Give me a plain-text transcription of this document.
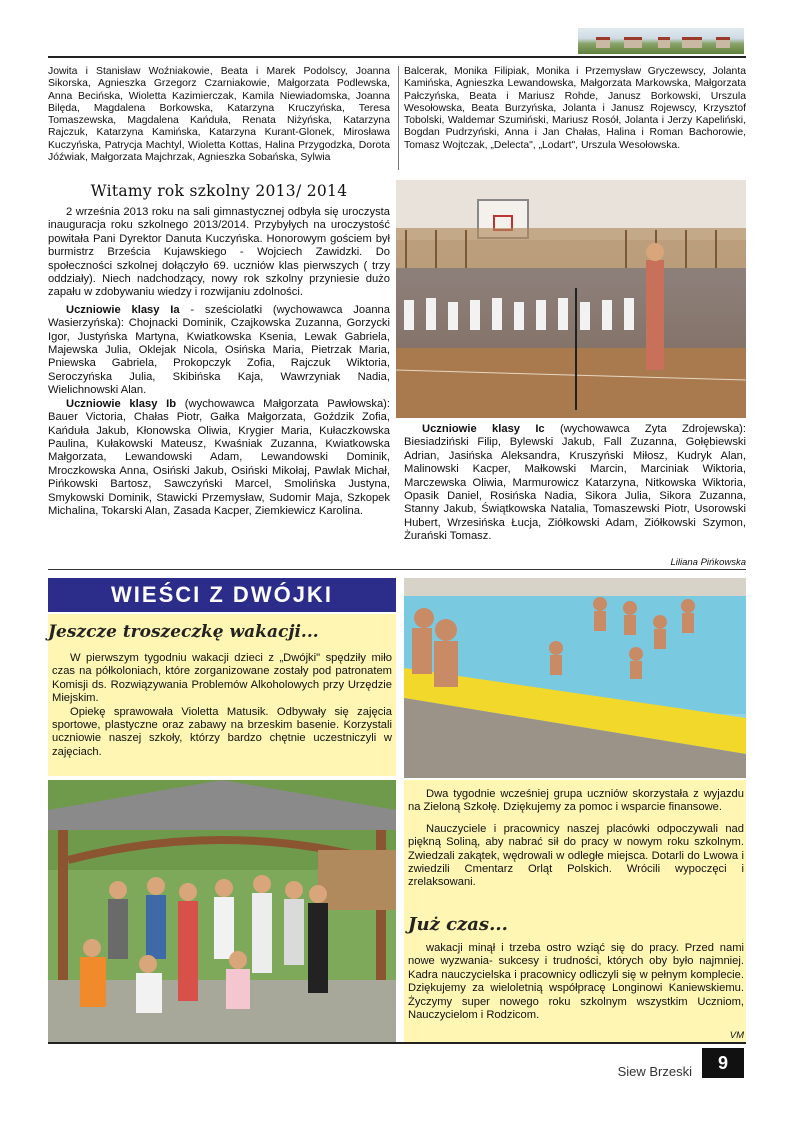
Jowita i Stanisław Woźniakowie, Beata i Marek Podolscy, Joanna Sikorska, Agnieszka Grzegorz Czarniakowie, Małgorzata Podlewska, Anna Becińska, Wioletta Kazimierczak, Kamila Niewiadomska, Joanna Bilęda, Magdalena Borkowska, Katarzyna Kruczyńska, Teresa Tomaszewska, Magdalena Kańduła, Renata Niżyńska, Katarzyna Rajczuk, Katarzyna Kamińska, Katarzyna Kurant-Glonek, Mirosława Kuczyńska, Patrycja Machtyl, Wioletta Kottas, Halina Przygodzka, Dorota Jóźwiak, Małgorzata Majchrzak, Agnieszka Sobańska, Sylwia

Balcerak, Monika Filipiak, Monika i Przemysław Gryczewscy, Jolanta Kamińska, Agnieszka Lewandowska, Małgorzata Markowska, Małgorzata Pałczyńska, Beata i Mariusz Rohde, Janusz Borkowski, Urszula Wesołowska, Beata Burzyńska, Jolanta i Janusz Rojewscy, Krzysztof Tobolski, Waldemar Szumiński, Mariusz Rosół, Jolanta i Jerzy Kapeliński, Bogdan Pudrzyński, Anna i Jan Chałas, Halina i Roman Bachorowie, Tomasz Wojtczak, „Delecta", „Lodart", Urszula Wesołowska.

Witamy rok szkolny 2013/ 2014

2 września 2013 roku na sali gimnastycznej odbyła się uroczysta inauguracja roku szkolnego 2013/2014. Przybyłych na uroczystość powitała Pani Dyrektor Danuta Kuczyńska. Honorowym gościem był burmistrz Brześcia Kujawskiego - Wojciech Zawidzki. Do społeczności szkolnej dołączyło 69. uczniów klas pierwszych ( trzy oddziały). Niech nadchodzący, nowy rok szkolny przyniesie dużo zapału w zdobywaniu wiedzy i rozwijaniu zdolności.

Uczniowie klasy Ia - sześciolatki (wychowawca Joanna Wasierzyńska): Chojnacki Dominik, Czajkowska Zuzanna, Gorzycki Igor, Justyńska Martyna, Kwiatkowska Ksenia, Lewak Gabriela, Majewska Julia, Oklejak Nicola, Osińska Maria, Pietrzak Maria, Pniewska Gabriela, Prokopczyk Zofia, Rajczuk Wiktoria, Seroczyńska Julia, Skibińska Kaja, Wawrzyniak Nadia, Wielichnowski Alan.

Uczniowie klasy Ib (wychowawca Małgorzata Pawłowska): Bauer Victoria, Chałas Piotr, Gałka Małgorzata, Goździk Zofia, Kańduła Jakub, Kłonowska Oliwia, Krygier Maria, Kułaczkowska Paulina, Kułakowski Mateusz, Kwaśniak Zuzanna, Kwiatkowska Małgorzata, Lewandowski Adam, Lewandowski Dominik, Mroczkowska Anna, Osiński Jakub, Osiński Mikołaj, Pawlak Michał, Pińkowski Bartosz, Sawczyński Marcel, Smolińska Justyna, Smykowski Dominik, Stawicki Przemysław, Sudomir Maja, Szkopek Michalina, Tokarski Alan, Zasada Kacper, Ziemkiewicz Karolina.

Uczniowie klasy Ic (wychowawca Zyta Zdrojewska): Biesiadziński Filip, Bylewski Jakub, Fall Zuzanna, Gołębiewski Adrian, Jasińska Aleksandra, Kruszyński Miłosz, Kudryk Alan, Malinowski Kacper, Małkowski Marcin, Marciniak Wiktoria, Marczewska Oliwia, Marmurowicz Katarzyna, Nitkowska Wiktoria, Opasik Daniel, Rosińska Nadia, Sikora Julia, Sikora Zuzanna, Stanny Jakub, Świątkowska Natalia, Tomaszewski Piotr, Usorowski Hubert, Wrzesińska Łucja, Ziółkowski Adam, Ziółkowski Szymon, Żurański Tomasz.

Liliana Pińkowska
WIEŚCI Z DWÓJKI
Jeszcze troszeczkę wakacji...

W pierwszym tygodniu wakacji dzieci z „Dwójki" spędziły miło czas na półkoloniach, które zorganizowane zostały pod patronatem Komisji ds. Rozwiązywania Problemów Alkoholowych przy Urzędzie Miejskim.

Opiekę sprawowała Violetta Matusik. Odbywały się zajęcia sportowe, plastyczne oraz zabawy na brzeskim basenie. Korzystali uczniowie naszej szkoły, którzy bardzo chętnie uczestniczyli w zajęciach.

Dwa tygodnie wcześniej grupa uczniów skorzystała z wyjazdu na Zieloną Szkołę. Dziękujemy za pomoc i wsparcie finansowe.

Nauczyciele i pracownicy naszej placówki odpoczywali nad piękną Soliną, aby nabrać sił do pracy w nowym roku szkolnym. Zwiedzali zakątek, wędrowali w odległe miejsca. Dotarli do Lwowa i zwiedzili Cmentarz Orląt Polskich. Wrócili wypoczęci i zrelaksowani.

Już czas...

wakacji minął i trzeba ostro wziąć się do pracy. Przed nami nowe wyzwania- sukcesy i trudności, których oby było najmniej. Kadra nauczycielska i pracownicy odliczyli się w pełnym komplecie. Dziękujemy za wieloletnią współpracę Longinowi Kaniewskiemu. Życzymy super nowego roku szkolnym wszystkim Uczniom, Nauczycielom i Rodzicom.

VM
Siew Brzeski	9
